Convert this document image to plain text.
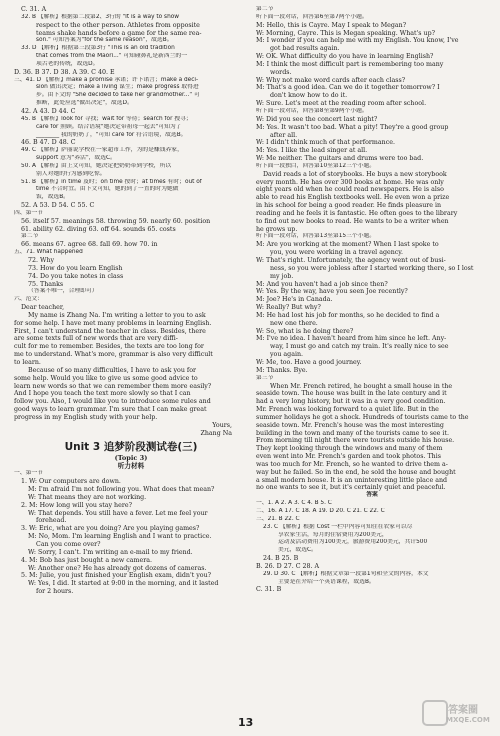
C. 31. A
32. B 【解析】根据第二段第2、3行的 "It is a way to show
respect to the other person. Athletes from opposite
teams shake hands before a game for the same rea-
son." 可知答案为"for the same reason"，故选B。
33. D 【解析】根据第三段第3行 "This is an old tradition
that comes from the Maori..." 可知碰鼻礼是新西兰的一
项古老的传统，故选D。
D. 36. B 37. D 38. A 39. C 40. E
三、41. D 【解析】make a promise 承诺；许下诺言；make a deci-
sion 做出决定；make a living 谋生；make progress 取得进
步。由下文的 "She decided to take her grandmother..." 可
推断，此处应选"做出决定"，故选D。
42. A 43. D 44. C
45. B 【解析】look for 寻找；wait for 等待；search for 搜寻；
care for 照顾。结合语境"她决定带祖母一起去"可知为了
________ 我的奶奶了，"可知 care for 符合语境，故选B。
46. B 47. D 48. C
49. C 【解析】萨丽说学校在一家超市工作，为的是赚钱养家，
support 意为"养活"，故选C。
50. A 【解析】由上文可知，她决定把奶奶带到学校，所以
别人对她的行为感到吃惊。
51. B 【解析】in time 及时；on time 按时；at times 有时；out of
time 不合时宜。由下文可知，她的到了一直的时为她做
饭，故选B。
52. A 53. D 54. C 55. C
四、第一节
56. itself 57. meanings 58. throwing 59. nearly 60. position
61. ability 62. diving 63. off 64. sounds 65. costs
第二节
66. means 67. agree 68. fall 69. how 70. in
五、71. What happened
72. Why
73. How do you learn English
74. Do you take notes in class
75. Thanks
（答案不唯一，合理即可）
六、范文：
Dear teacher,
My name is Zhang Na. I'm writing a letter to you to ask
for some help. I have met many problems in learning English.
First, I can't understand the teacher in class. Besides, there
are some texts full of new words that are very diffi-
cult for me to remember. Besides, the texts are too long for
me to understand. What's more, grammar is also very difficult
to learn.
Because of so many difficulties, I have to ask you for
some help. Would you like to give us some good advice to
learn new words so that we can remember them more easily?
And I hope you teach the text more slowly so that I can
follow you. Also, I would like you to introduce some rules and
good ways to learn grammar. I'm sure that I can make great
progress in my English study with your help.
Yours,
Zhang Na
Unit 3 追梦阶段测试卷(三)
(Topic 3)
听力材料
一、第一节
1. W: Our computers are down.
M: I'm afraid I'm not following you. What does that mean?
W: That means they are not working.
2. M: How long will you stay here?
W: That depends. You still have a fever. Let me feel your
forehead.
3. W: Eric, what are you doing? Are you playing games?
M: No, Mom. I'm learning English and I want to practice.
Can you come over?
W: Sorry, I can't. I'm writing an e-mail to my friend.
4. M: Bob has just bought a new camera.
W: Another one? He has already got dozens of cameras.
5. M: Julie, you just finished your English exam, didn't you?
W: Yes, I did. It started at 9:00 in the morning, and it lasted
for 2 hours.
第二节
听下面一段对话，回答第6至第7两个小题。
M: Hello, this is Cayre. May I speak to Megan?
W: Morning, Cayre. This is Megan speaking. What's up?
M: I wonder if you can help me with my English. You know, I've
got bad results again.
W: OK. What difficulty do you have in learning English?
M: I think the most difficult part is remembering too many
words.
W: Why not make word cards after each class?
M: That's a good idea. Can we do it together tomorrow? I
don't know how to do it.
W: Sure. Let's meet at the reading room after school.
听下面一段对话，回答第8至第9两个小题。
W: Did you see the concert last night?
M: Yes. It wasn't too bad. What a pity! They're a good group
after all.
W: I didn't think much of that performance.
M: Yes. I like the lead singer at all.
W: Me neither. The guitars and drums were too bad.
听下面一段独白，回答第10至第12三个小题。
David reads a lot of storybooks. He buys a new storybook
every month. He has over 300 books at home. He was only
eight years old when he could read newspapers. He is also
able to read his English textbooks well. He even won a prize
in his school for being a good reader. He finds pleasure in
reading and he feels it is fantastic. He often goes to the library
to find out new books to read. He wants to be a writer when
he grows up.
听下面一段对话，回答第13至第15三个小题。
M: Are you working at the moment? When I last spoke to
you, you were working in a travel agency.
W: That's right. Unfortunately, the agency went out of busi-
ness, so you were jobless after I started working there, so I lost
my job.
M: And you haven't had a job since then?
W: Yes. By the way, have you seen Joe recently?
M: Joe? He's in Canada.
W: Really? But why?
M: He had lost his job for months, so he decided to find a
new one there.
W: So, what is he doing there?
M: I've no idea. I haven't heard from him since he left. Any-
way, I must go and catch my train. It's really nice to see
you again.
W: Me, too. Have a good journey.
M: Thanks. Bye.
第三节
When Mr. French retired, he bought a small house in the
seaside town. The house was built in the late century and it
had a very long history, but it was in a very good condition.
Mr. French was looking forward to a quiet life. But in the
summer holidays he got a shock. Hundreds of tourists came to the
seaside town. Mr. French's house was the most interesting
building in the town and many of the tourists came to see it.
From morning till night there were tourists outside his house.
They kept looking through the windows and many of them
even went into Mr. French's garden and took photos. This
was too much for Mr. French, so he wanted to drive them a-
way but he failed. So in the end, he sold the house and bought
a small modern house. It is an uninteresting little place and
no one wants to see it, but it's certainly quiet and peaceful.
答案
一、1. A 2. A 3. C 4. B 5. C
二、16. A 17. C 18. A 19. D 20. C 21. C 22. C
三、21. B 22. C
23. C 【解析】根据 Cost 一栏中内容可知住在农家可以尽
享农家生活，每月的住宿费用为200美元，
运动及活动费用为100美元，旅游费用200美元，共计500
美元，故选C。
24. B 25. B
B. 26. D 27. C 28. A
29. D 30. C 【解析】根据文章第一段第1句和全文的内容，本文
主要是在介绍一个英语课程，故选B。
C. 31. B
13
答案圈
MXQE.COM
